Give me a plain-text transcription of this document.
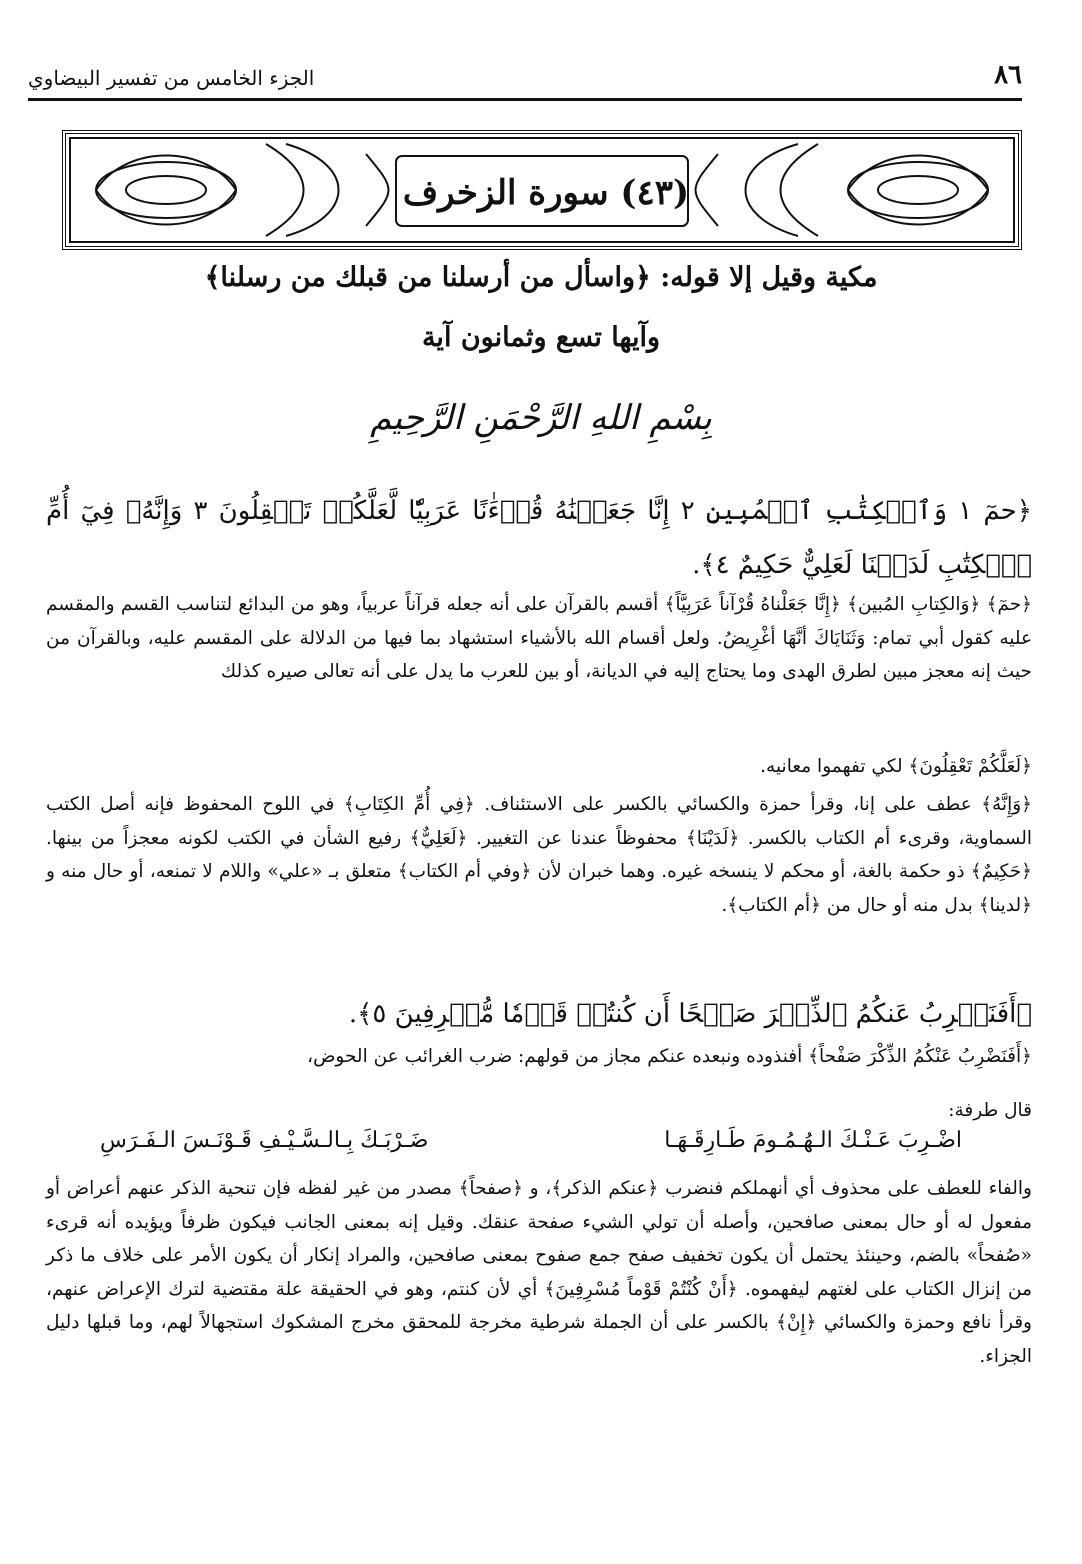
٨٦
الجزء الخامس من تفسير البيضاوي
(٤٣) سورة الزخرف
مكية وقيل إلا قوله: ﴿واسأل من أرسلنا من قبلك من رسلنا﴾
وآيها تسع وثمانون آية
بِسْمِ اللهِ الرَّحْمَنِ الرَّحِيمِ
﴿حمٓ ١ وَٱلۡكِتَٰبِ ٱلۡمُبِينِ ٢ إِنَّا جَعَلۡنَٰهُ قُرۡءَٰنًا عَرَبِيّٗا لَّعَلَّكُمۡ تَعۡقِلُونَ ٣ وَإِنَّهُۥ فِيٓ أُمِّ ٱلۡكِتَٰبِ لَدَيۡنَا لَعَلِيٌّ حَكِيمٌ ٤﴾.
﴿حمٓ﴾ ﴿وَالكِتابِ المُبين﴾ ﴿إِنَّا جَعَلْناهُ قُرْآناً عَرَبِيَّاً﴾ أقسم بالقرآن على أنه جعله قرآناً عربياً، وهو من البدائع لتناسب القسم والمقسم عليه كقول أبي تمام: وَثَنَايَاكَ أنَّهَا أغْرِيضُ. ولعل أقسام الله بالأشياء استشهاد بما فيها من الدلالة على المقسم عليه، وبالقرآن من حيث إنه معجز مبين لطرق الهدى وما يحتاج إليه في الديانة، أو بين للعرب ما يدل على أنه تعالى صيره كذلك
﴿لَعَلَّكُمْ تَعْقِلُونَ﴾ لكي تفهموا معانيه.
﴿وَإِنَّهُ﴾ عطف على إنا، وقرأ حمزة والكسائي بالكسر على الاستئناف. ﴿فِي أُمِّ الكِتَابِ﴾ في اللوح المحفوظ فإنه أصل الكتب السماوية، وقرىء أم الكتاب بالكسر. ﴿لَدَيْنَا﴾ محفوظاً عندنا عن التغيير. ﴿لَعَلِيٌّ﴾ رفيع الشأن في الكتب لكونه معجزاً من بينها. ﴿حَكِيمٌ﴾ ذو حكمة بالغة، أو محكم لا ينسخه غيره. وهما خبران لأن ﴿وفي أم الكتاب﴾ متعلق بـ «علي» واللام لا تمنعه، أو حال منه و ﴿لدينا﴾ بدل منه أو حال من ﴿أم الكتاب﴾.
﴿أَفَنَضۡرِبُ عَنكُمُ ٱلذِّكۡرَ صَفۡحًا أَن كُنتُمۡ قَوۡمٗا مُّسۡرِفِينَ ٥﴾.
﴿أَفَنَضْرِبُ عَنْكُمُ الذِّكْرَ صَفْحاً﴾ أفنذوده ونبعده عنكم مجاز من قولهم: ضرب الغرائب عن الحوض،
قال طرفة:
اضْـرِبَ عَـنْـكَ الـهُـمُـومَ طَـارِقَـهَـا
ضَـرْبَـكَ بِـالـسَّـيْـفِ قَـوْنَـسَ الـفَـرَسِ
والفاء للعطف على محذوف أي أنهملكم فنضرب ﴿عنكم الذكر﴾، و ﴿صفحاً﴾ مصدر من غير لفظه فإن تنحية الذكر عنهم أعراض أو مفعول له أو حال بمعنى صافحين، وأصله أن تولي الشيء صفحة عنقك. وقيل إنه بمعنى الجانب فيكون ظرفاً ويؤيده أنه قرىء «صُفحاً» بالضم، وحينئذ يحتمل أن يكون تخفيف صفح جمع صفوح بمعنى صافحين، والمراد إنكار أن يكون الأمر على خلاف ما ذكر من إنزال الكتاب على لغتهم ليفهموه. ﴿أَنْ كُنْتُمْ قَوْماً مُسْرِفِينَ﴾ أي لأن كنتم، وهو في الحقيقة علة مقتضية لترك الإعراض عنهم، وقرأ نافع وحمزة والكسائي ﴿إِنْ﴾ بالكسر على أن الجملة شرطية مخرجة للمحقق مخرج المشكوك استجهالاً لهم، وما قبلها دليل الجزاء.
